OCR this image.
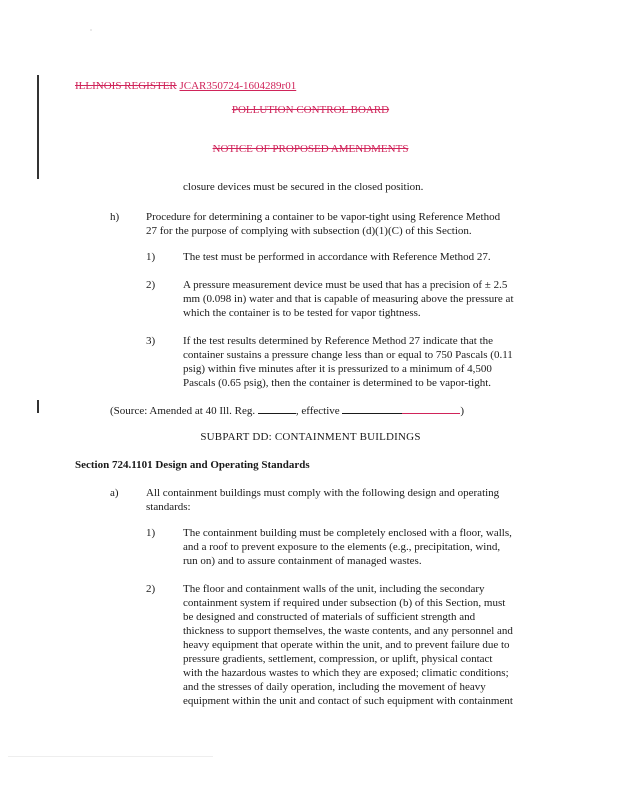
ILLINOIS REGISTER JCAR350724-1604289r01
POLLUTION CONTROL BOARD
NOTICE OF PROPOSED AMENDMENTS
closure devices must be secured in the closed position.
h) Procedure for determining a container to be vapor-tight using Reference Method
27 for the purpose of complying with subsection (d)(1)(C) of this Section.
1)	The test must be performed in accordance with Reference Method 27.
2)	A pressure measurement device must be used that has a precision of ± 2.5
mm (0.098 in) water and that is capable of measuring above the pressure at
which the container is to be tested for vapor tightness.
3)	If the test results determined by Reference Method 27 indicate that the
container sustains a pressure change less than or equal to 750 Pascals (0.11
psig) within five minutes after it is pressurized to a minimum of 4,500
Pascals (0.65 psig), then the container is determined to be vapor-tight.
(Source: Amended at 40 Ill. Reg.	, effective	)
SUBPART DD: CONTAINMENT BUILDINGS
Section 724.1101 Design and Operating Standards
a) All containment buildings must comply with the following design and operating
standards:
1)	The containment building must be completely enclosed with a floor, walls,
and a roof to prevent exposure to the elements (e.g., precipitation, wind,
run on) and to assure containment of managed wastes.
2)	The floor and containment walls of the unit, including the secondary
containment system if required under subsection (b) of this Section, must
be designed and constructed of materials of sufficient strength and
thickness to support themselves, the waste contents, and any personnel and
heavy equipment that operate within the unit, and to prevent failure due to
pressure gradients, settlement, compression, or uplift, physical contact
with the hazardous wastes to which they are exposed; climatic conditions;
and the stresses of daily operation, including the movement of heavy
equipment within the unit and contact of such equipment with containment
